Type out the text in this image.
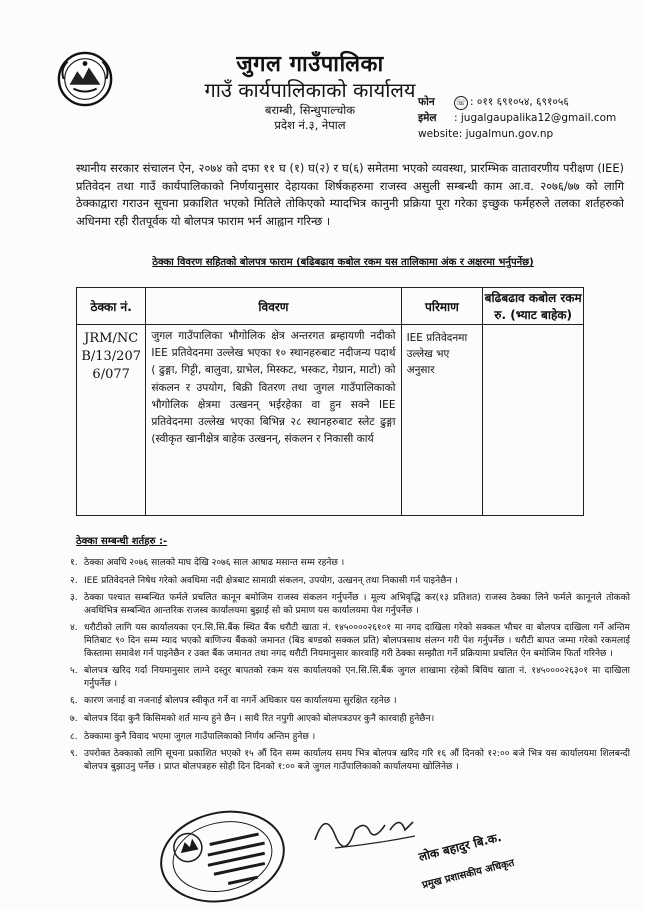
जुगल गाउँपालिका
गाउँ कार्यपालिकाको कार्यालय
बराम्बी, सिन्धुपाल्चोक
प्रदेश नं.३, नेपाल
फोन	☏ : ०११ ६९१०५४, ६९१०५६
इमेल : jugalgaupalika12@gmail.com
website: jugalmun.gov.np
स्थानीय सरकार संचालन ऐन, २०७४ को दफा ११ घ (१) घ(२) र घ(६) समेतमा भएको व्यवस्था, प्रारम्भिक वातावरणीय परीक्षण (IEE) प्रतिवेदन तथा गाउँ कार्यपालिकाको निर्णयानुसार देहायका शिर्षकहरुमा राजस्व असुली सम्बन्धी काम आ.व. २०७६/७७ को लागि ठेक्काद्वारा गराउन सूचना प्रकाशित भएको मितिले तोकिएको म्यादभित्र कानुनी प्रक्रिया पूरा गरेका इच्छुक फर्महरुले तलका शर्तहरुको अधिनमा रही रीतपूर्वक यो बोलपत्र फाराम भर्न आह्वान गरिन्छ ।
ठेक्का विवरण सहितको बोलपत्र फाराम (बढिबढाव कबोल रकम यस तालिकामा अंक र अक्षरमा भर्नुपर्नेछ)
ठेक्का नं.	विवरण	परिमाण	बढिबढाव कबोल रकम रु. (भ्याट बाहेक)

JRM/NCB/13/2076/077	जुगल गाउँपालिका भौगोलिक क्षेत्र अन्तरगत ब्रम्हायणी नदीको IEE प्रतिवेदनमा उल्लेख भएका १० स्थानहरुबाट नदीजन्य पदार्थ ( ढुङ्गा, गिट्टी, बालुवा, ग्राभेल, मिस्कट, भस्कट, गेग्रान, माटो) को संकलन र उपयोग, बिक्री वितरण तथा जुगल गाउँपालिकाको भौगोलिक क्षेत्रमा उत्खनन् भईरहेका वा हुन सक्ने IEE प्रतिवेदनमा उल्लेख भएका बिभिन्न २८ स्थानहरुबाट स्लेट ढुङ्गा (स्वीकृत खानीक्षेत्र बाहेक उत्खनन्, संकलन र निकासी कार्य	IEE प्रतिवेदनमा उल्लेख भए अनुसार	

ठेक्का सम्बन्धी शर्तहरु :-
१. ठेक्का अवधि २०७६ सालको माघ देखि २०७६ साल आषाढ मसान्त सम्म रहनेछ ।
२. IEE प्रतिवेदनले निषेध गरेको अवधिमा नदी क्षेत्रबाट सामाग्री संकलन, उपयोग, उत्खनन् तथा निकासी गर्न पाइनेछैन ।
३. ठेक्का पश्चात सम्बन्धित फर्मले प्रचलित कानून बमोजिम राजस्व संकलन गर्नुपर्नेछ । मूल्य अभिवृद्धि कर(१३ प्रतिशत) राजस्व ठेक्का लिने फर्मले कानूनले तोकको अवधिभित्र सम्बन्धित आन्तरिक राजस्व कार्यालयमा बुझाई सो को प्रमाण यस कार्यालयमा पेश गर्नुपर्नेछ ।
४. धरौटीको लागि यस कार्यालयका एन.सि.सि.बैंक स्थित बैंक धरौटी खाता नं. १४५००००२६१०१ मा नगद दाखिला गरेको सक्कल भौचर वा बोलपत्र दाखिला गर्ने अन्तिम मितिबाट ९० दिन सम्म म्याद भएको बाणिज्य बैंकको जमानत (बिड बण्डको सक्कल प्रति) बोलपत्रसाथ संलग्न गरी पेश गर्नुपर्नेछ । धरौटी बापत जम्मा गरेको रकमलाई किस्तामा समावेश गर्न पाइनेछैन र उक्त बैंक जमानत तथा नगद धरौटी नियमानुसार कारवाहि गरी ठेक्का सम्झौता गर्ने प्रक्रियामा प्रचलित ऐन बमोजिम फिर्ता गरिनेछ ।
५. बोलपत्र खरिद गर्दा नियमानुसार लाग्ने दस्तुर बापतको रकम यस कार्यालयको एन.सि.सि.बैंक जुगल शाखामा रहेको बिविध खाता नं. १४५००००२६३०१ मा दाखिला गर्नुपर्नेछ ।
६. कारण जनाई वा नजनाई बोलपत्र स्वीकृत गर्ने वा नगर्ने अधिकार यस कार्यालयमा सुरक्षित रहनेछ ।
७. बोलपत्र दिंदा कुनै किसिमको शर्त मान्य हुने छैन । साथै रित नपुगी आएको बोलपत्रउपर कुनै कारवाही हुनेछैन।
८. ठेक्कामा कुनै विवाद भएमा जुगल गाउँपालिकाको निर्णय अन्तिम हुनेछ ।
९. उपरोक्त ठेक्काको लागि सूचना प्रकाशित भएको १५ औं दिन सम्म कार्यालय समय भित्र बोलपत्र खरिद गरि १६ औं दिनको १२:०० बजे भित्र यस कार्यालयमा शिलबन्दी बोलपत्र बुझाउनु पर्नेछ । प्राप्त बोलपत्रहरु सोही दिन दिनको १:०० बजे जुगल गाउँपालिकाको कार्यालयमा खोलिनेछ ।
लोक बहादुर बि.क.
प्रमुख प्रशासकीय अधिकृत
